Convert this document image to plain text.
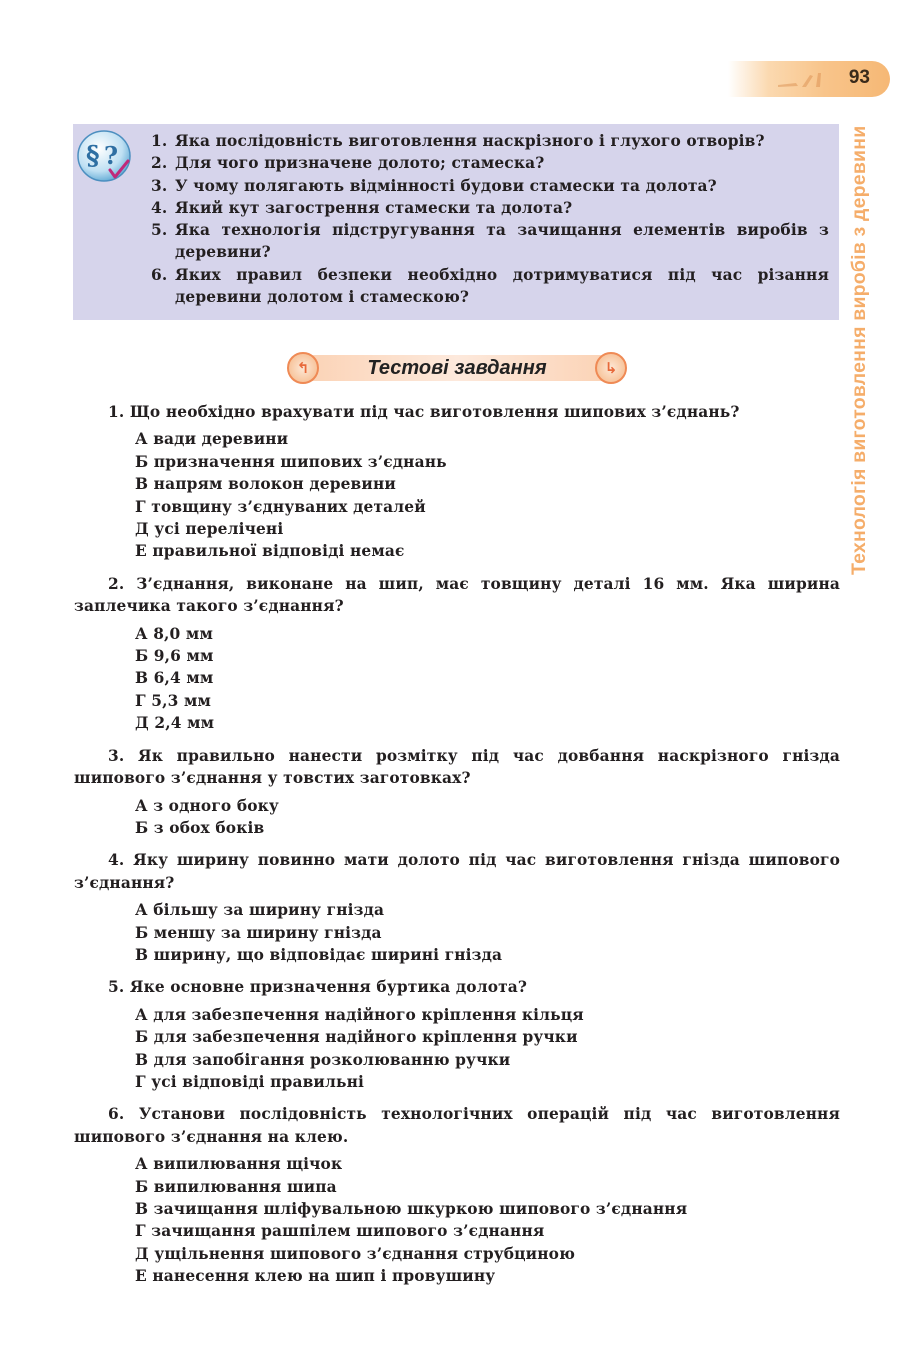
93
Технологія виготовлення виробів з деревини
§ ? 1. Яка послідовність виготовлення наскрізного і глухого отворів?
2. Для чого призначене долото; стамеска?
3. У чому полягають відмінності будови стамески та долота?
4. Який кут загострення стамески та долота?
5. Яка технологія підстругування та зачищання елементів виробів з деревини?
6. Яких правил безпеки необхідно дотримуватися під час різання деревини долотом і стамескою?
↰	↳
Тестові завдання
1. Що необхідно врахувати під час виготовлення шипових з’єднань?
А вади деревини
Б призначення шипових з’єднань
В напрям волокон деревини
Г товщину з’єднуваних деталей
Д усі перелічені
Е правильної відповіді немає
2. З’єднання, виконане на шип, має товщину деталі 16 мм. Яка ширина заплечика такого з’єднання?
А 8,0 мм
Б 9,6 мм
В 6,4 мм
Г 5,3 мм
Д 2,4 мм
3. Як правильно нанести розмітку під час довбання наскрізного гнізда шипового з’єднання у товстих заготовках?
А з одного боку
Б з обох боків
4. Яку ширину повинно мати долото під час виготовлення гнізда шипового з’єднання?
А більшу за ширину гнізда
Б меншу за ширину гнізда
В ширину, що відповідає ширині гнізда
5. Яке основне призначення буртика долота?
А для забезпечення надійного кріплення кільця
Б для забезпечення надійного кріплення ручки
В для запобігання розколюванню ручки
Г усі відповіді правильні
6. Установи послідовність технологічних операцій під час виготовлення шипового з’єднання на клею.
А випилювання щічок
Б випилювання шипа
В зачищання шліфувальною шкуркою шипового з’єднання
Г зачищання рашпілем шипового з’єднання
Д ущільнення шипового з’єднання струбциною
Е нанесення клею на шип і провушину
